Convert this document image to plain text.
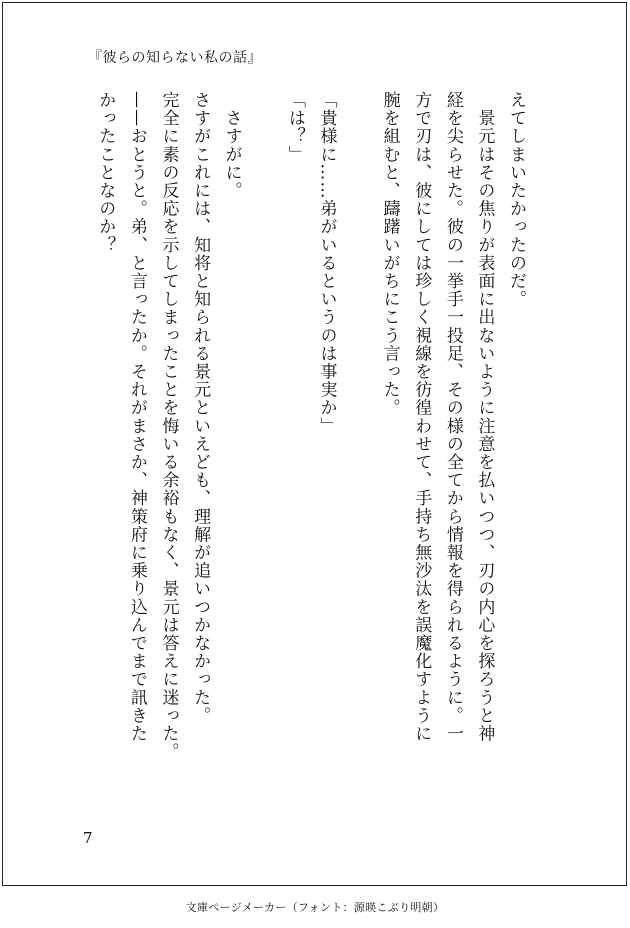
『彼らの知らない私の話』
えてしまいたかったのだ。
　景元はその焦りが表面に出ないように注意を払いつつ、刃の内心を探ろうと神
経を尖らせた。彼の一挙手一投足、その様の全てから情報を得られるように。一
方で刃は、彼にしては珍しく視線を彷徨わせて、手持ち無沙汰を誤魔化すように
腕を組むと、躊躇いがちにこう言った。

「貴様に……弟がいるというのは事実か」
「は？」

　さすがに。
さすがこれには、知将と知られる景元といえども、理解が追いつかなかった。
完全に素の反応を示してしまったことを悔いる余裕もなく、景元は答えに迷った。
——おとうと。弟、と言ったか。それがまさか、神策府に乗り込んでまで訊きた
かったことなのか？
7
文庫ページメーカー（フォント：源暎こぶり明朝）
